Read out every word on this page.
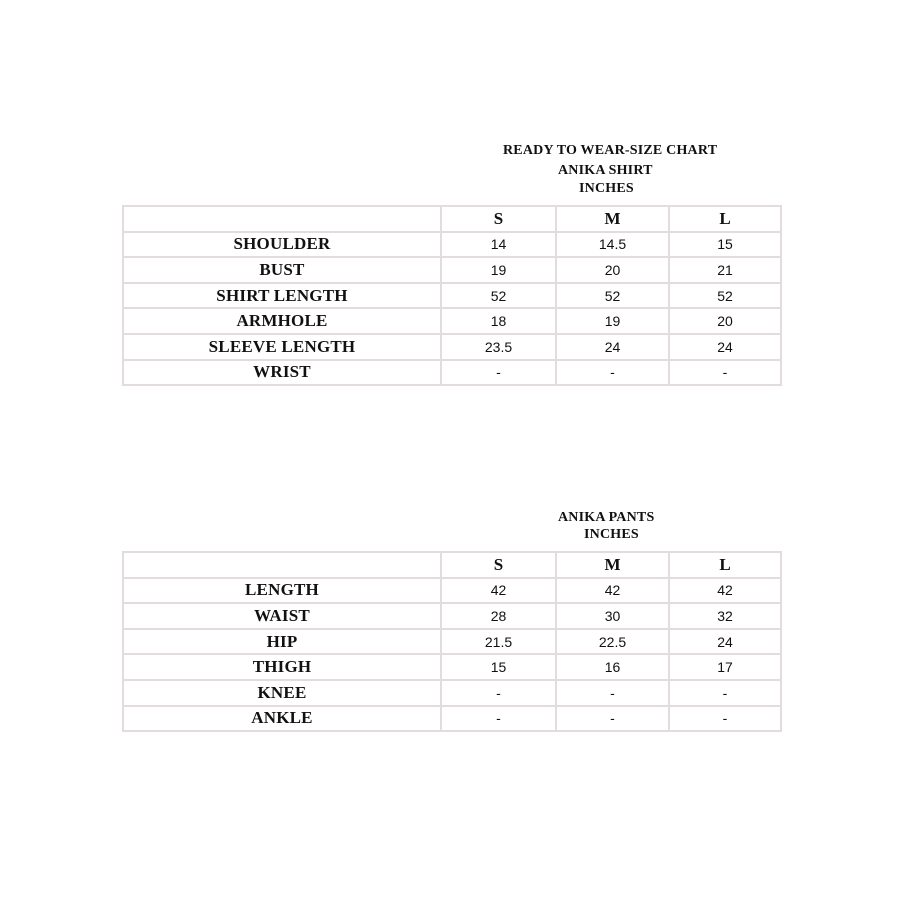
READY TO WEAR-SIZE CHART
ANIKA SHIRT
INCHES
	S	M	L
SHOULDER	14	14.5	15
BUST	19	20	21
SHIRT LENGTH	52	52	52
ARMHOLE	18	19	20
SLEEVE LENGTH	23.5	24	24
WRIST	-	-	-
ANIKA PANTS
INCHES
	S	M	L
LENGTH	42	42	42
WAIST	28	30	32
HIP	21.5	22.5	24
THIGH	15	16	17
KNEE	-	-	-
ANKLE	-	-	-
